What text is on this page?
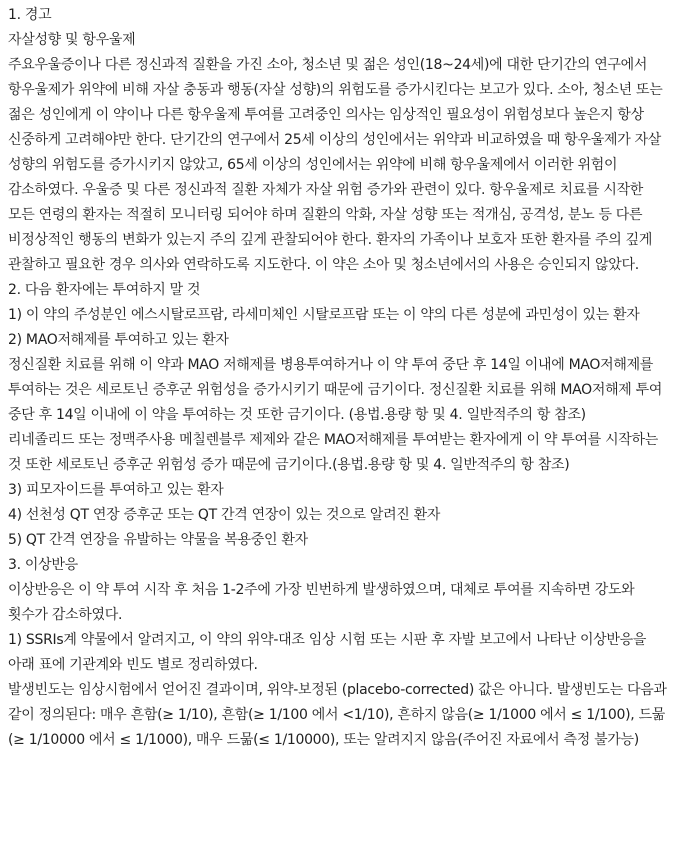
1. 경고

자살성향 및 항우울제

주요우울증이나 다른 정신과적 질환을 가진 소아, 청소년 및 젊은 성인(18~24세)에 대한 단기간의 연구에서 항우울제가 위약에 비해 자살 충동과 행동(자살 성향)의 위험도를 증가시킨다는 보고가 있다. 소아, 청소년 또는 젊은 성인에게 이 약이나 다른 항우울제 투여를 고려중인 의사는 임상적인 필요성이 위험성보다 높은지 항상 신중하게 고려해야만 한다. 단기간의 연구에서 25세 이상의 성인에서는 위약과 비교하였을 때 항우울제가 자살 성향의 위험도를 증가시키지 않았고, 65세 이상의 성인에서는 위약에 비해 항우울제에서 이러한 위험이 감소하였다. 우울증 및 다른 정신과적 질환 자체가 자살 위험 증가와 관련이 있다. 항우울제로 치료를 시작한 모든 연령의 환자는 적절히 모니터링 되어야 하며 질환의 악화, 자살 성향 또는 적개심, 공격성, 분노 등 다른 비정상적인 행동의 변화가 있는지 주의 깊게 관찰되어야 한다. 환자의 가족이나 보호자 또한 환자를 주의 깊게 관찰하고 필요한 경우 의사와 연락하도록 지도한다. 이 약은 소아 및 청소년에서의 사용은 승인되지 않았다.

2. 다음 환자에는 투여하지 말 것

1) 이 약의 주성분인 에스시탈로프람, 라세미체인 시탈로프람 또는 이 약의 다른 성분에 과민성이 있는 환자

2) MAO저해제를 투여하고 있는 환자

정신질환 치료를 위해 이 약과 MAO 저해제를 병용투여하거나 이 약 투여 중단 후 14일 이내에 MAO저해제를 투여하는 것은 세로토닌 증후군 위험성을 증가시키기 때문에 금기이다. 정신질환 치료를 위해 MAO저해제 투여 중단 후 14일 이내에 이 약을 투여하는 것 또한 금기이다. (용법.용량 항 및 4. 일반적주의 항 참조)

리네졸리드 또는 정맥주사용 메칠렌블루 제제와 같은 MAO저해제를 투여받는 환자에게 이 약 투여를 시작하는 것 또한 세로토닌 증후군 위험성 증가 때문에 금기이다.(용법.용량 항 및 4. 일반적주의 항 참조)

3) 피모자이드를 투여하고 있는 환자

4) 선천성 QT 연장 증후군 또는 QT 간격 연장이 있는 것으로 알려진 환자

5) QT 간격 연장을 유발하는 약물을 복용중인 환자

3. 이상반응

이상반응은 이 약 투여 시작 후 처음 1-2주에 가장 빈번하게 발생하였으며, 대체로 투여를 지속하면 강도와 횟수가 감소하였다.

1) SSRIs계 약물에서 알려지고, 이 약의 위약-대조 임상 시험 또는 시판 후 자발 보고에서 나타난 이상반응을 아래 표에 기관계와 빈도 별로 정리하였다.

발생빈도는 임상시험에서 얻어진 결과이며, 위약-보정된 (placebo-corrected) 값은 아니다. 발생빈도는 다음과 같이 정의된다: 매우 흔함(≥ 1/10), 흔함(≥ 1/100 에서 <1/10), 흔하지 않음(≥ 1/1000 에서 ≤ 1/100), 드묾(≥ 1/10000 에서 ≤ 1/1000), 매우 드묾(≤ 1/10000), 또는 알려지지 않음(주어진 자료에서 측정 불가능)
